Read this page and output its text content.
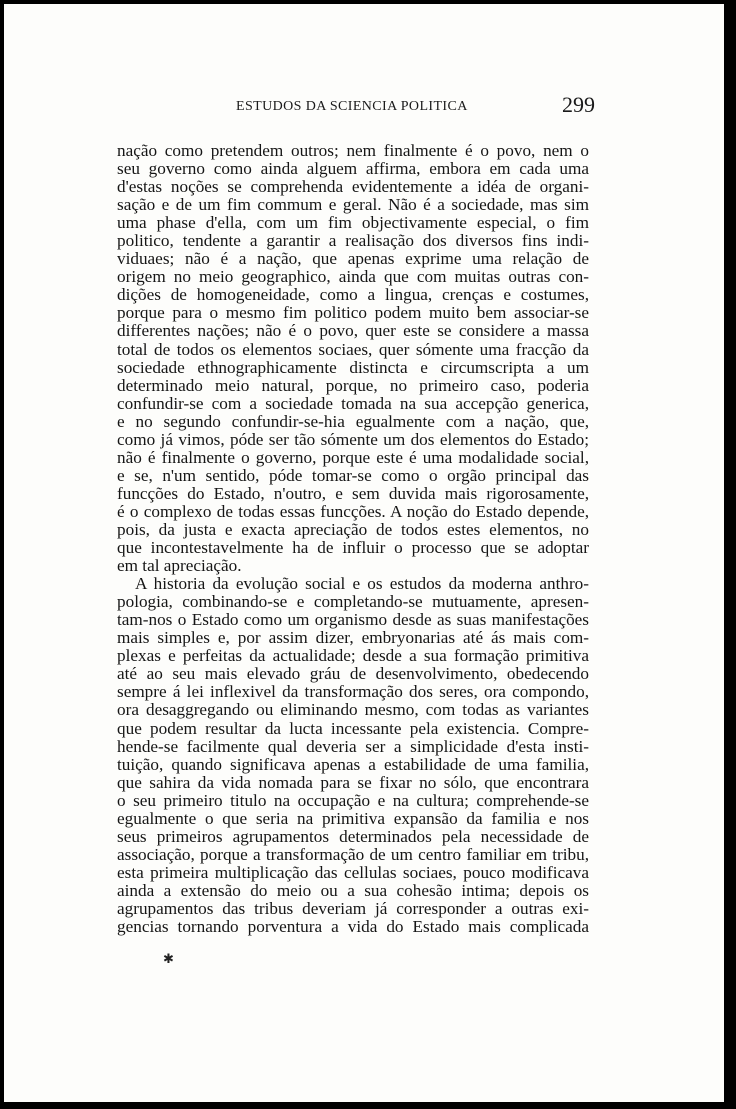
ESTUDOS DA SCIENCIA POLITICA	299
nação como pretendem outros; nem finalmente é o povo, nem o
seu governo como ainda alguem affirma, embora em cada uma
d'estas noções se comprehenda evidentemente a idéa de organi-
sação e de um fim commum e geral. Não é a sociedade, mas sim
uma phase d'ella, com um fim objectivamente especial, o fim
politico, tendente a garantir a realisação dos diversos fins indi-
viduaes; não é a nação, que apenas exprime uma relação de
origem no meio geographico, ainda que com muitas outras con-
dições de homogeneidade, como a lingua, crenças e costumes,
porque para o mesmo fim politico podem muito bem associar-se
differentes nações; não é o povo, quer este se considere a massa
total de todos os elementos sociaes, quer sómente uma fracção da
sociedade ethnographicamente distincta e circumscripta a um
determinado meio natural, porque, no primeiro caso, poderia
confundir-se com a sociedade tomada na sua accepção generica,
e no segundo confundir-se-hia egualmente com a nação, que,
como já vimos, póde ser tão sómente um dos elementos do Estado;
não é finalmente o governo, porque este é uma modalidade social,
e se, n'um sentido, póde tomar-se como o orgão principal das
funcções do Estado, n'outro, e sem duvida mais rigorosamente,
é o complexo de todas essas funcções. A noção do Estado depende,
pois, da justa e exacta apreciação de todos estes elementos, no
que incontestavelmente ha de influir o processo que se adoptar
em tal apreciação.
A historia da evolução social e os estudos da moderna anthro-
pologia, combinando-se e completando-se mutuamente, apresen-
tam-nos o Estado como um organismo desde as suas manifestações
mais simples e, por assim dizer, embryonarias até ás mais com-
plexas e perfeitas da actualidade; desde a sua formação primitiva
até ao seu mais elevado gráu de desenvolvimento, obedecendo
sempre á lei inflexivel da transformação dos seres, ora compondo,
ora desaggregando ou eliminando mesmo, com todas as variantes
que podem resultar da lucta incessante pela existencia. Compre-
hende-se facilmente qual deveria ser a simplicidade d'esta insti-
tuição, quando significava apenas a estabilidade de uma familia,
que sahira da vida nomada para se fixar no sólo, que encontrara
o seu primeiro titulo na occupação e na cultura; comprehende-se
egualmente o que seria na primitiva expansão da familia e nos
seus primeiros agrupamentos determinados pela necessidade de
associação, porque a transformação de um centro familiar em tribu,
esta primeira multiplicação das cellulas sociaes, pouco modificava
ainda a extensão do meio ou a sua cohesão intima; depois os
agrupamentos das tribus deveriam já corresponder a outras exi-
gencias tornando porventura a vida do Estado mais complicada
✱
